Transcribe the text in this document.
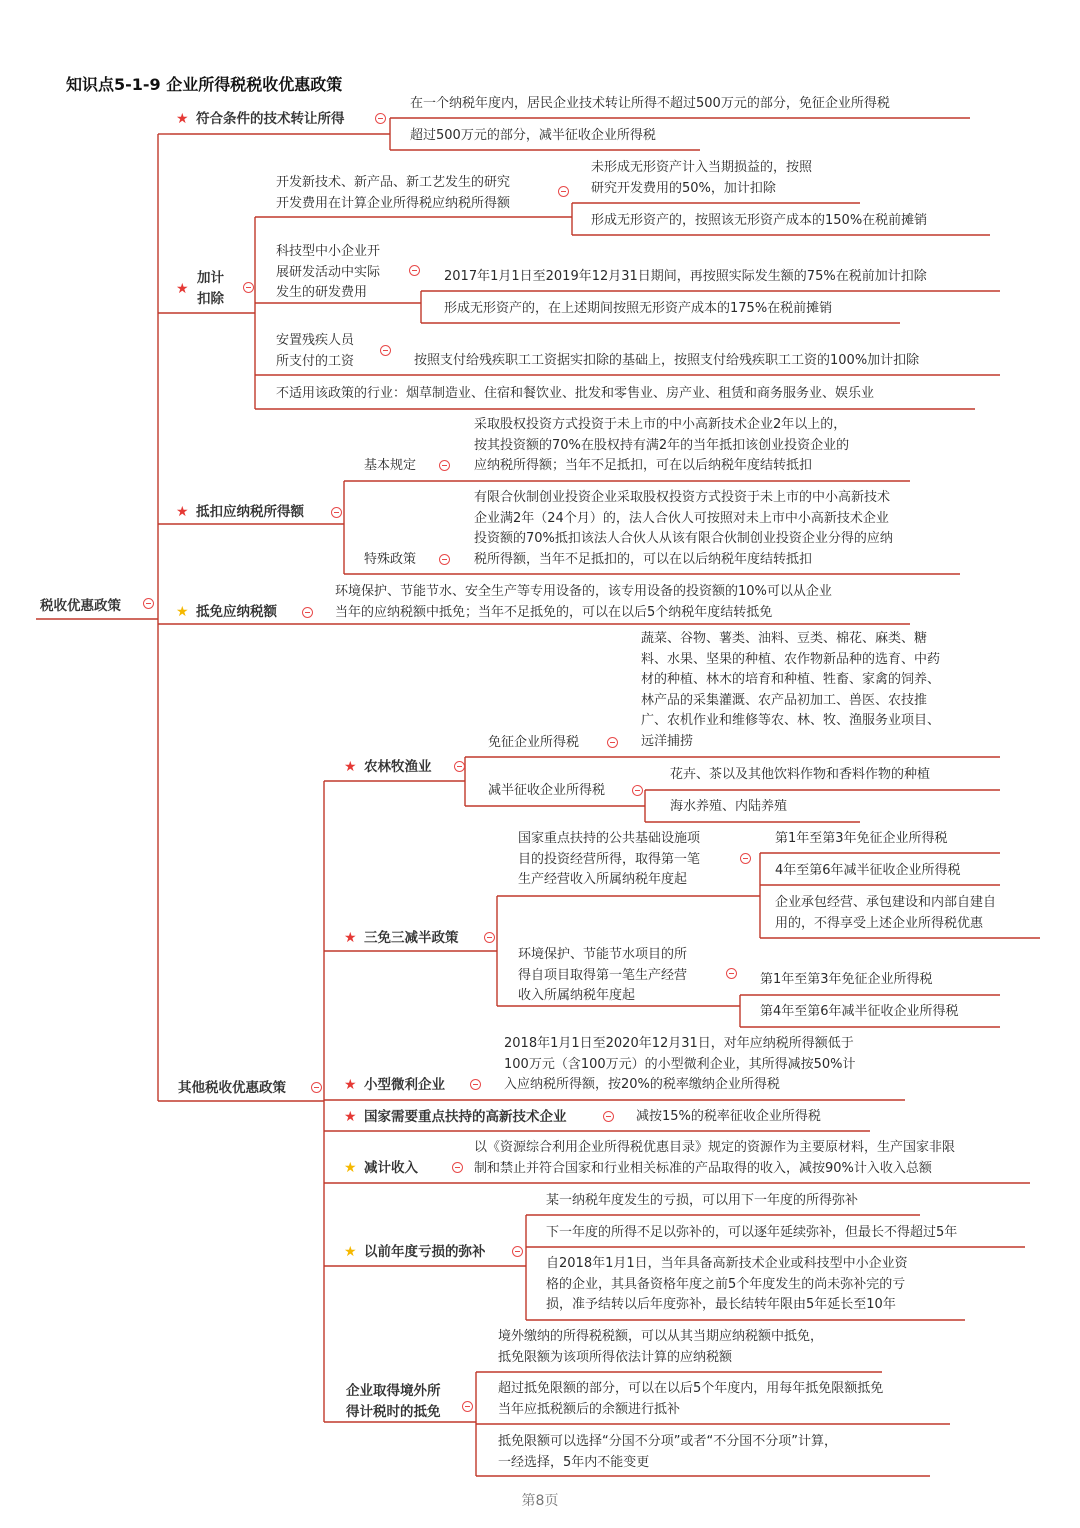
知识点5-1-9 企业所得税税收优惠政策
第8页
税收优惠政策
★ 符合条件的技术转让所得
在一个纳税年度内，居民企业技术转让所得不超过500万元的部分，免征企业所得税
超过500万元的部分，减半征收企业所得税
★
加计
扣除
开发新技术、新产品、新工艺发生的研究
开发费用在计算企业所得税应纳税所得额
未形成无形资产计入当期损益的，按照
研究开发费用的50%，加计扣除
形成无形资产的，按照该无形资产成本的150%在税前摊销
科技型中小企业开
展研发活动中实际
发生的研发费用
2017年1月1日至2019年12月31日期间，再按照实际发生额的75%在税前加计扣除
形成无形资产的，在上述期间按照无形资产成本的175%在税前摊销
安置残疾人员
所支付的工资	按照支付给残疾职工工资据实扣除的基础上，按照支付给残疾职工工资的100%加计扣除
不适用该政策的行业：烟草制造业、住宿和餐饮业、批发和零售业、房产业、租赁和商务服务业、娱乐业
★ 抵扣应纳税所得额
基本规定
采取股权投资方式投资于未上市的中小高新技术企业2年以上的，
按其投资额的70%在股权持有满2年的当年抵扣该创业投资企业的
应纳税所得额；当年不足抵扣，可在以后纳税年度结转抵扣
特殊政策
有限合伙制创业投资企业采取股权投资方式投资于未上市的中小高新技术
企业满2年（24个月）的，法人合伙人可按照对未上市中小高新技术企业
投资额的70%抵扣该法人合伙人从该有限合伙制创业投资企业分得的应纳
税所得额，当年不足抵扣的，可以在以后纳税年度结转抵扣
★ 抵免应纳税额
环境保护、节能节水、安全生产等专用设备的，该专用设备的投资额的10%可以从企业
当年的应纳税额中抵免；当年不足抵免的，可以在以后5个纳税年度结转抵免
其他税收优惠政策
★ 农林牧渔业
免征企业所得税
蔬菜、谷物、薯类、油料、豆类、棉花、麻类、糖
料、水果、坚果的种植、农作物新品种的选育、中药
材的种植、林木的培育和种植、牲畜、家禽的饲养、
林产品的采集灌溉、农产品初加工、兽医、农技推
广、农机作业和维修等农、林、牧、渔服务业项目、
远洋捕捞
减半征收企业所得税
花卉、茶以及其他饮料作物和香料作物的种植
海水养殖、内陆养殖
★ 三免三减半政策
国家重点扶持的公共基础设施项
目的投资经营所得，取得第一笔
生产经营收入所属纳税年度起
第1年至第3年免征企业所得税
4年至第6年减半征收企业所得税
企业承包经营、承包建设和内部自建自
用的，不得享受上述企业所得税优惠
环境保护、节能节水项目的所
得自项目取得第一笔生产经营
收入所属纳税年度起
第1年至第3年免征企业所得税
第4年至第6年减半征收企业所得税
★ 小型微利企业
2018年1月1日至2020年12月31日，对年应纳税所得额低于
100万元（含100万元）的小型微利企业，其所得减按50%计
入应纳税所得额，按20%的税率缴纳企业所得税
★ 国家需要重点扶持的高新技术企业	减按15%的税率征收企业所得税
★ 减计收入
以《资源综合利用企业所得税优惠目录》规定的资源作为主要原材料，生产国家非限
制和禁止并符合国家和行业相关标准的产品取得的收入，减按90%计入收入总额
★ 以前年度亏损的弥补
某一纳税年度发生的亏损，可以用下一年度的所得弥补
下一年度的所得不足以弥补的，可以逐年延续弥补，但最长不得超过5年
自2018年1月1日，当年具备高新技术企业或科技型中小企业资
格的企业，其具备资格年度之前5个年度发生的尚未弥补完的亏
损，准予结转以后年度弥补，最长结转年限由5年延长至10年
企业取得境外所
得计税时的抵免
境外缴纳的所得税税额，可以从其当期应纳税额中抵免，
抵免限额为该项所得依法计算的应纳税额
超过抵免限额的部分，可以在以后5个年度内，用每年抵免限额抵免
当年应抵税额后的余额进行抵补
抵免限额可以选择“分国不分项”或者“不分国不分项”计算，
一经选择，5年内不能变更
